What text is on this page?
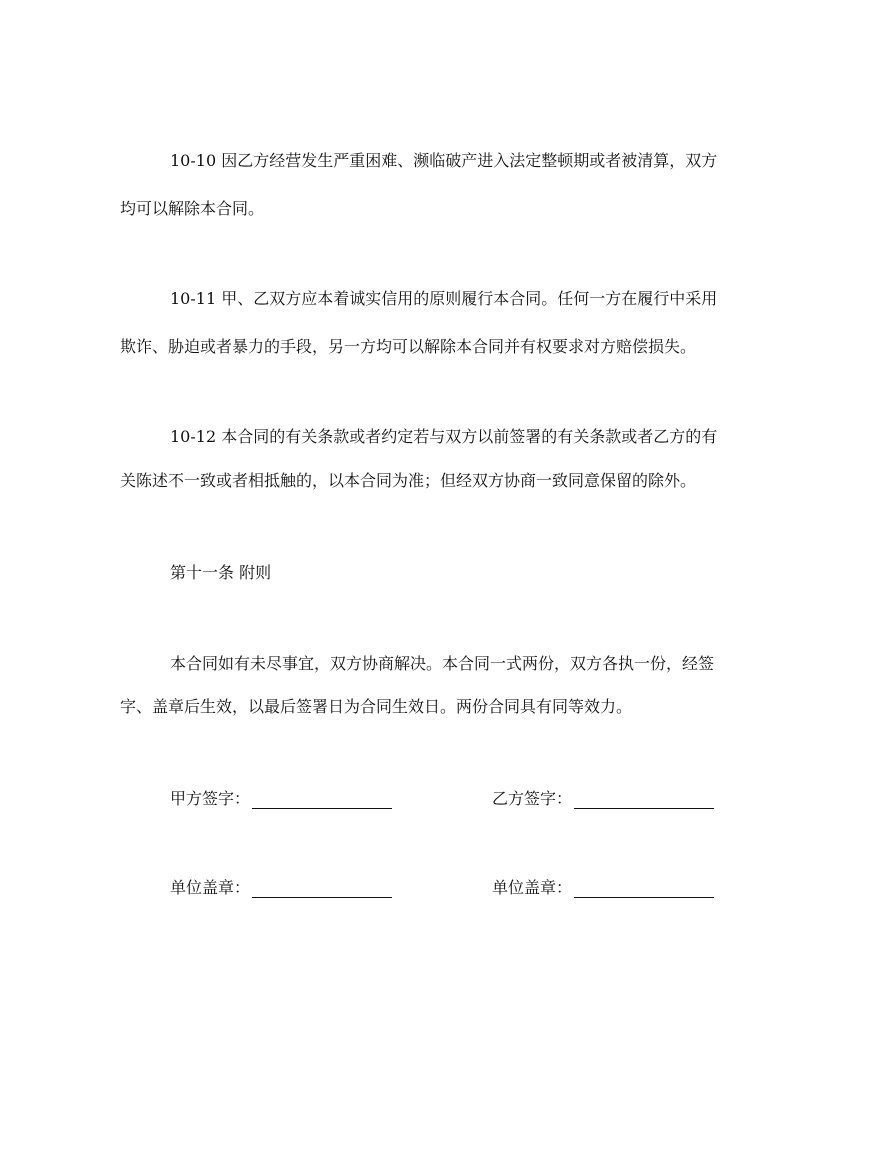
10-10 因乙方经营发生严重困难、濒临破产进入法定整顿期或者被清算，双方
均可以解除本合同。
10-11 甲、乙双方应本着诚实信用的原则履行本合同。任何一方在履行中采用
欺诈、胁迫或者暴力的手段，另一方均可以解除本合同并有权要求对方赔偿损失。
10-12 本合同的有关条款或者约定若与双方以前签署的有关条款或者乙方的有
关陈述不一致或者相抵触的，以本合同为准；但经双方协商一致同意保留的除外。
第十一条 附则
本合同如有未尽事宜，双方协商解决。本合同一式两份，双方各执一份，经签
字、盖章后生效，以最后签署日为合同生效日。两份合同具有同等效力。
甲方签字：	乙方签字：
单位盖章：	单位盖章：
